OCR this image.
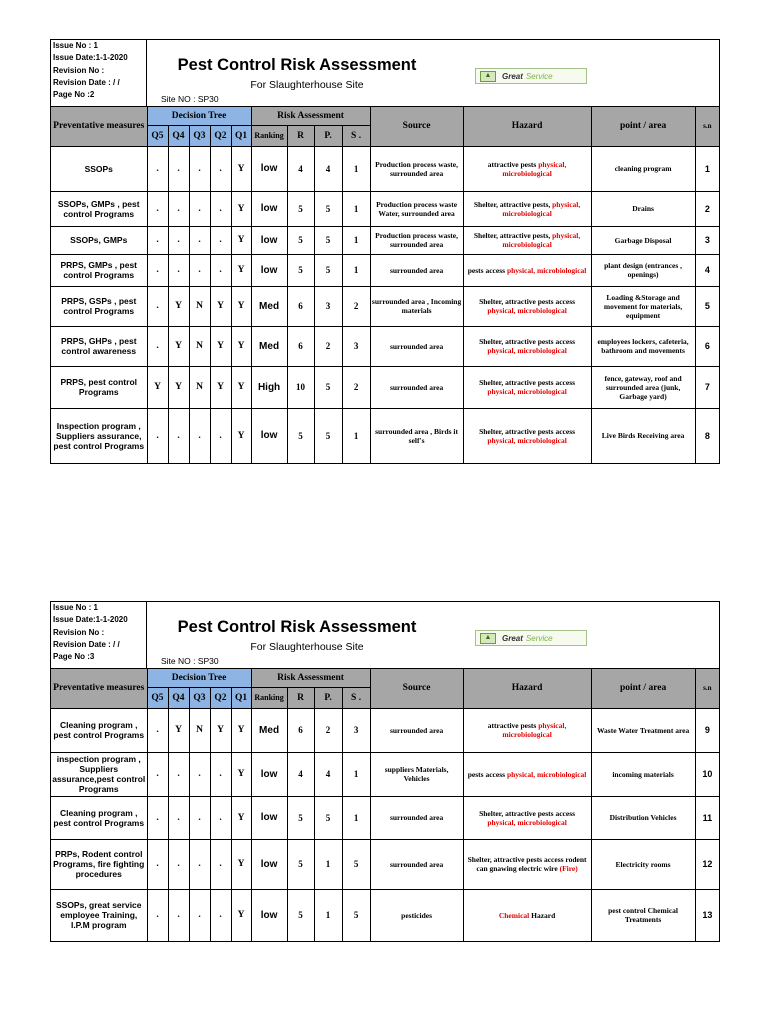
Issue No : 1
Issue Date:1-1-2020
Revision No :
Revision Date : / /
Page No :2
Pest Control Risk Assessment
For Slaughterhouse Site
Site NO : SP30
▲	Great Service
Preventative measures	Decision Tree					Risk Assessment				Source	Hazard	point / area	s.n
	Q5	Q4	Q3	Q2	Q1	Ranking	R	P.	S .				
SSOPs	.	.	.	.	Y	low	4	4	1	Production process waste, surrounded area	attractive pests physical, microbiological	cleaning program	1
SSOPs, GMPs , pest control Programs	.	.	.	.	Y	low	5	5	1	Production process waste Water, surrounded area	Shelter, attractive pests, physical, microbiological	Drains	2
SSOPs, GMPs	.	.	.	.	Y	low	5	5	1	Production process waste, surrounded area	Shelter, attractive pests, physical, microbiological	Garbage Disposal	3
PRPS, GMPs , pest control Programs	.	.	.	.	Y	low	5	5	1	surrounded area	pests access physical, microbiological	plant design (entrances , openings)	4
PRPS, GSPs , pest control Programs	.	Y	N	Y	Y	Med	6	3	2	surrounded area , Incoming materials	Shelter, attractive pests access physical, microbiological	Loading &Storage and movement for materials, equipment	5
PRPS, GHPs , pest control awareness	.	Y	N	Y	Y	Med	6	2	3	surrounded area	Shelter, attractive pests access physical, microbiological	employees lockers, cafeteria, bathroom and movements	6
PRPS, pest control Programs	Y	Y	N	Y	Y	High	10	5	2	surrounded area	Shelter, attractive pests access physical, microbiological	fence, gateway, roof and surrounded area (junk, Garbage yard)	7
Inspection program , Suppliers assurance, pest control Programs	.	.	.	.	Y	low	5	5	1	surrounded area , Birds it self's	Shelter, attractive pests access physical, microbiological	Live Birds Receiving area	8
Issue No : 1
Issue Date:1-1-2020
Revision No :
Revision Date : / /
Page No :3
Pest Control Risk Assessment
For Slaughterhouse Site
Site NO : SP30
▲	Great Service
Preventative measures	Decision Tree					Risk Assessment				Source	Hazard	point / area	s.n
	Q5	Q4	Q3	Q2	Q1	Ranking	R	P.	S .				
Cleaning program , pest control Programs	.	Y	N	Y	Y	Med	6	2	3	surrounded area	attractive pests physical, microbiological	Waste Water Treatment area	9
inspection program , Suppliers assurance,pest control Programs	.	.	.	.	Y	low	4	4	1	suppliers Materials, Vehicles	pests access physical, microbiological	incoming materials	10
Cleaning program , pest control Programs	.	.	.	.	Y	low	5	5	1	surrounded area	Shelter, attractive pests access physical, microbiological	Distribution Vehicles	11
PRPs, Rodent control Programs, fire fighting procedures	.	.	.	.	Y	low	5	1	5	surrounded area	Shelter, attractive pests access rodent can gnawing electric wire (Fire)	Electricity rooms	12
SSOPs, great service employee Training, I.P.M program	.	.	.	.	Y	low	5	1	5	pesticides	Chemical Hazard	pest control Chemical Treatments	13
